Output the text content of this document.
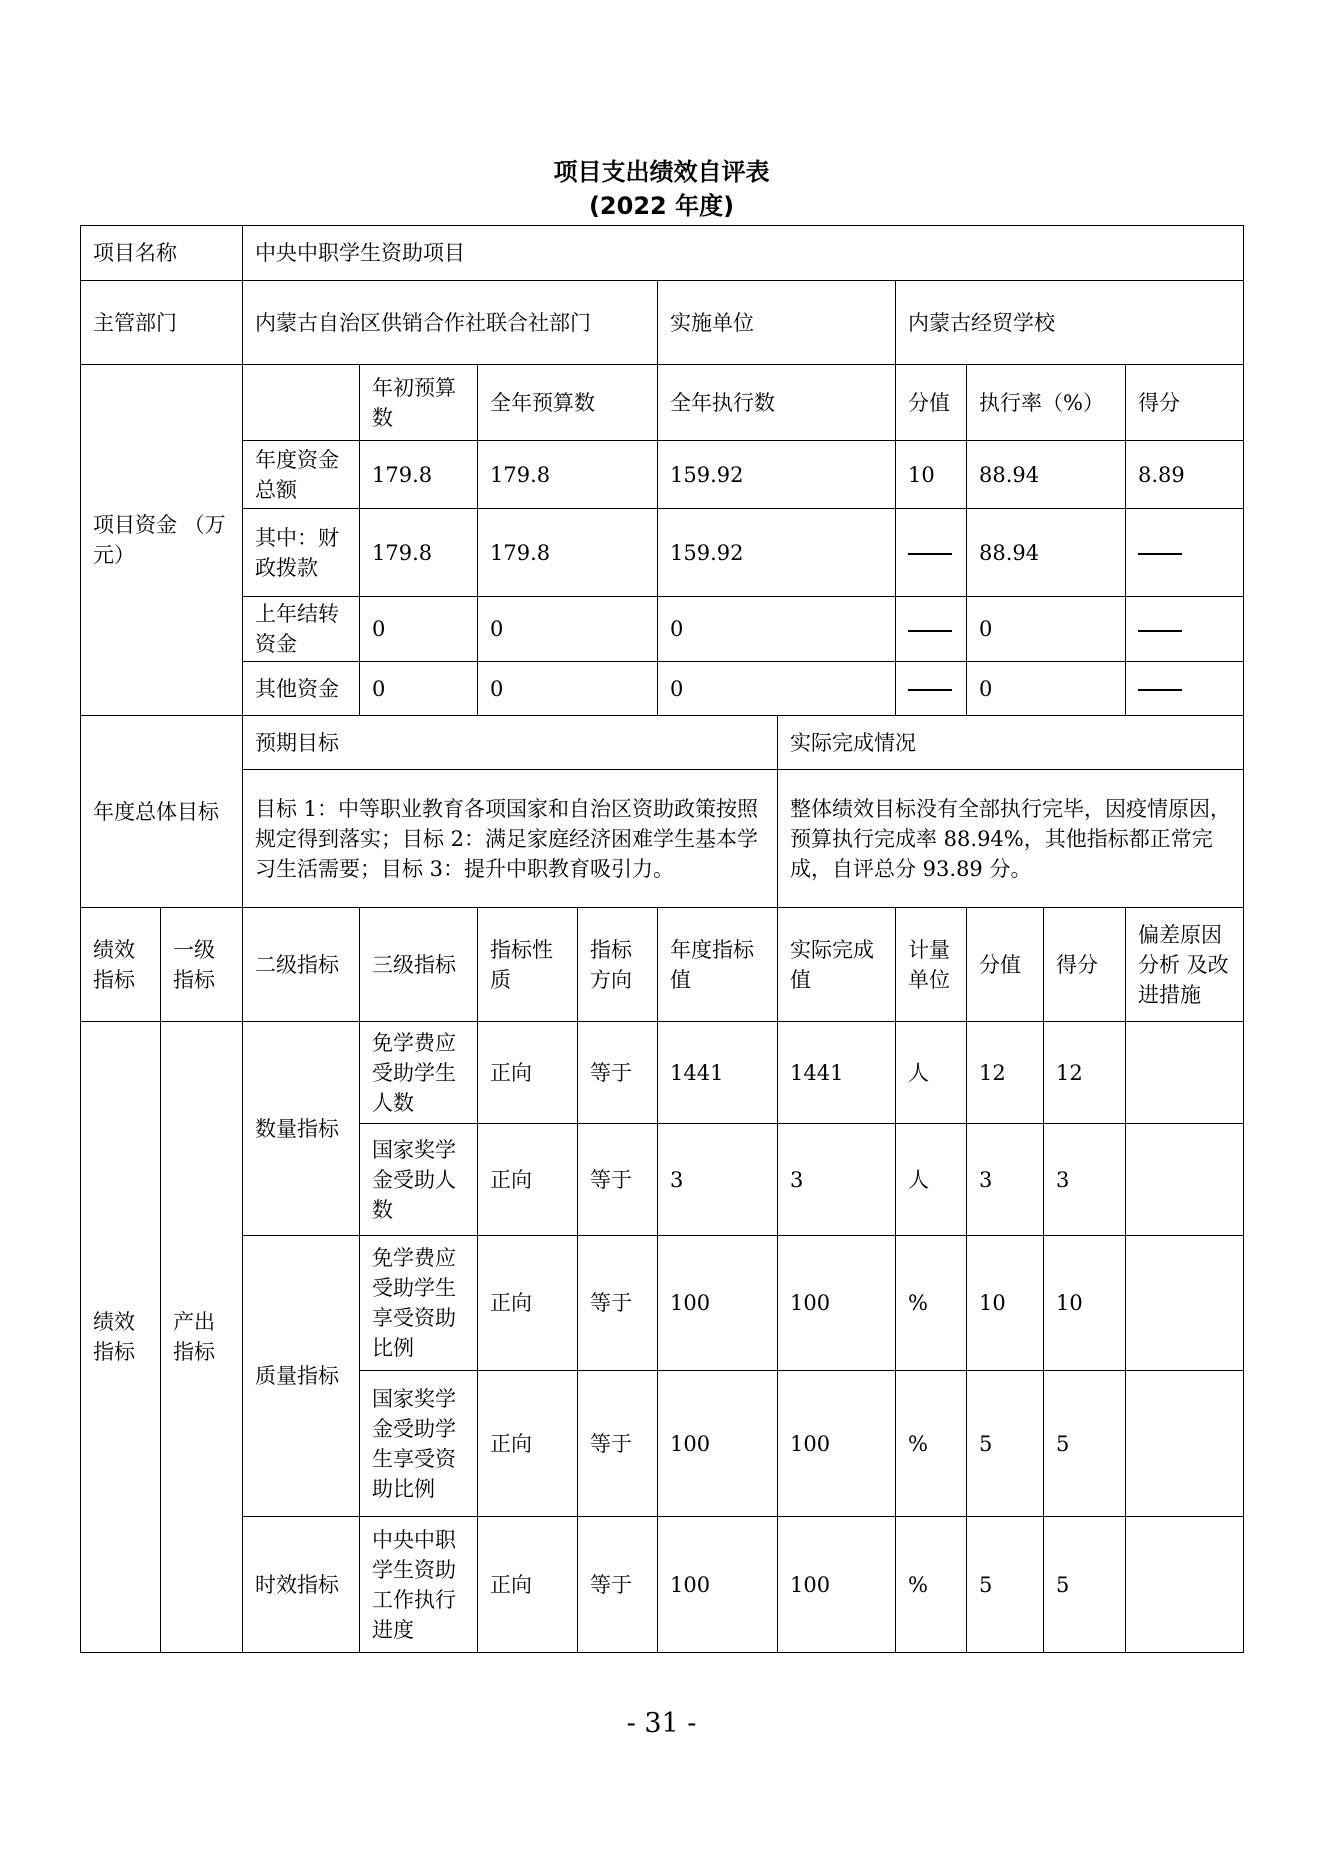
项目支出绩效自评表
(2022 年度)
项目名称		中央中职学生资助项目									
主管部门		内蒙古自治区供销合作社联合社部门				实施单位		内蒙古经贸学校			
项目资金 （万元）			年初预算数	全年预算数		全年执行数		分值	执行率（%）		得分
		年度资金总额	179.8	179.8		159.92		10	88.94		8.89
		其中：财政拨款	179.8	179.8		159.92			88.94		
		上年结转资金	0	0		0			0		
		其他资金	0	0		0			0		
年度总体目标		预期目标					实际完成情况				
		目标 1：中等职业教育各项国家和自治区资助政策按照规定得到落实；目标 2：满足家庭经济困难学生基本学习生活需要；目标 3：提升中职教育吸引力。					整体绩效目标没有全部执行完毕，因疫情原因，预算执行完成率 88.94%，其他指标都正常完成，自评总分 93.89 分。				
绩效指标	一级指标	二级指标	三级指标	指标性质	指标方向	年度指标值	实际完成值	计量单位	分值	得分	偏差原因分析 及改进措施
绩效指标	产出指标	数量指标	免学费应受助学生人数	正向	等于	1441	1441	人	12	12	
			国家奖学金受助人数	正向	等于	3	3	人	3	3	
		质量指标	免学费应受助学生享受资助比例	正向	等于	100	100	%	10	10	
			国家奖学金受助学生享受资助比例	正向	等于	100	100	%	5	5	
		时效指标	中央中职学生资助工作执行进度	正向	等于	100	100	%	5	5	
- 31 -
